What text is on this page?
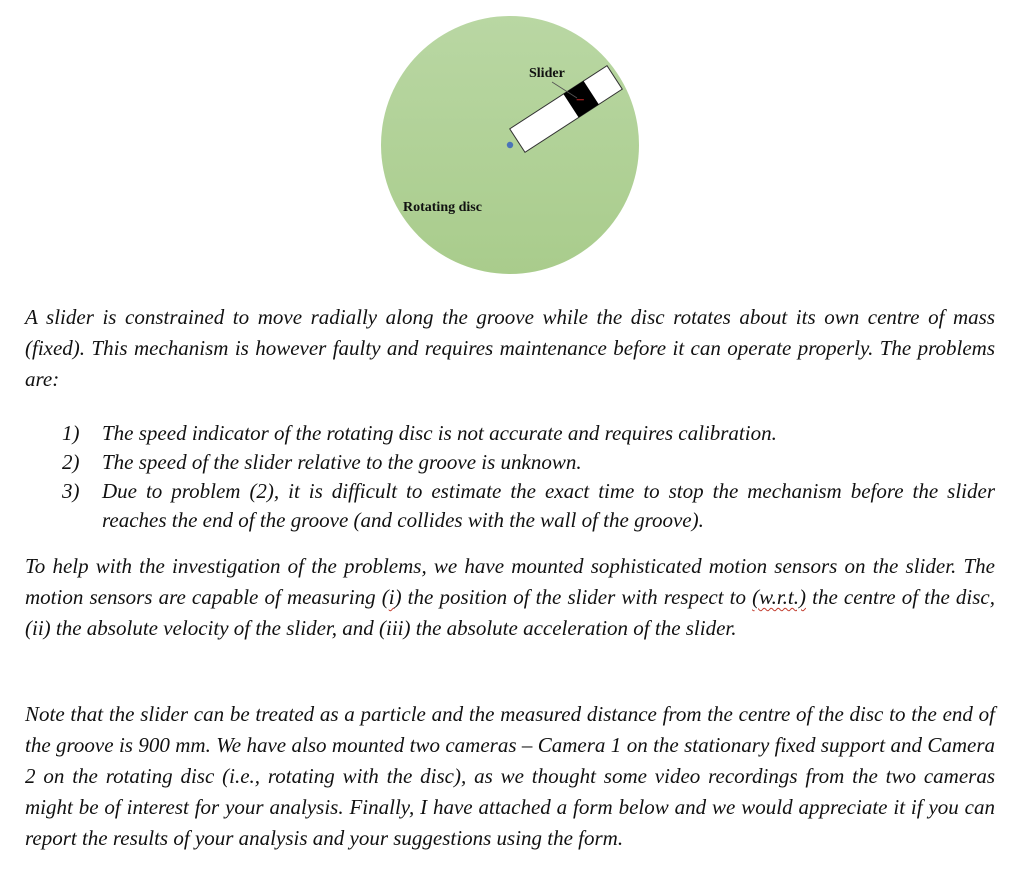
Slider
Rotating disc

A slider is constrained to move radially along the groove while the disc rotates about its own centre of mass (fixed). This mechanism is however faulty and requires maintenance before it can operate properly. The problems are:

1)	The speed indicator of the rotating disc is not accurate and requires calibration.
2)	The speed of the slider relative to the groove is unknown.
3)	Due to problem (2), it is difficult to estimate the exact time to stop the mechanism before the slider reaches the end of the groove (and collides with the wall of the groove).

To help with the investigation of the problems, we have mounted sophisticated motion sensors on the slider. The motion sensors are capable of measuring (i) the position of the slider with respect to (w.r.t.) the centre of the disc, (ii) the absolute velocity of the slider, and (iii) the absolute acceleration of the slider.

Note that the slider can be treated as a particle and the measured distance from the centre of the disc to the end of the groove is 900 mm. We have also mounted two cameras – Camera 1 on the stationary fixed support and Camera 2 on the rotating disc (i.e., rotating with the disc), as we thought some video recordings from the two cameras might be of interest for your analysis. Finally, I have attached a form below and we would appreciate it if you can report the results of your analysis and your suggestions using the form.
